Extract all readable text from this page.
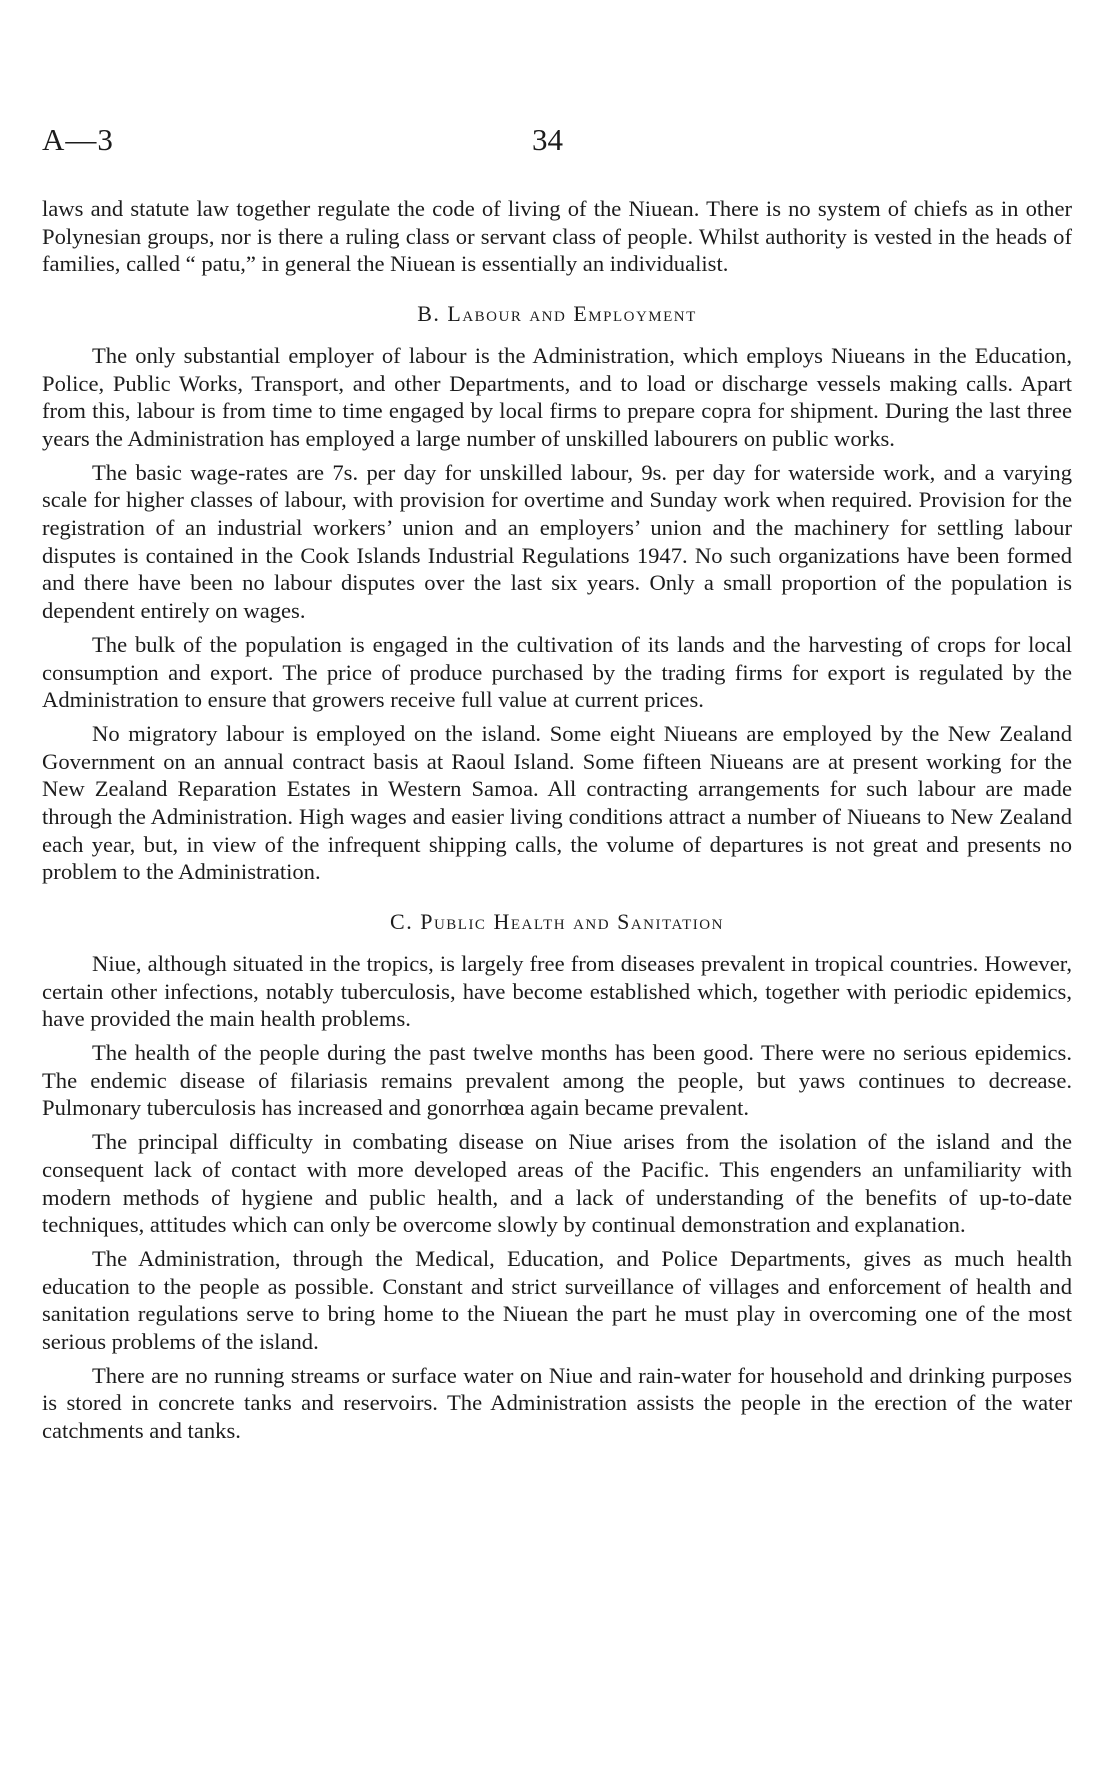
A—3	34

laws and statute law together regulate the code of living of the Niuean. There is no system of chiefs as in other Polynesian groups, nor is there a ruling class or servant class of people. Whilst authority is vested in the heads of families, called “ patu,” in general the Niuean is essentially an individualist.

B. Labour and Employment

The only substantial employer of labour is the Administration, which employs Niueans in the Education, Police, Public Works, Transport, and other Departments, and to load or discharge vessels making calls. Apart from this, labour is from time to time engaged by local firms to prepare copra for shipment. During the last three years the Administration has employed a large number of unskilled labourers on public works.

The basic wage-rates are 7s. per day for unskilled labour, 9s. per day for waterside work, and a varying scale for higher classes of labour, with provision for overtime and Sunday work when required. Provision for the registration of an industrial workers’ union and an employers’ union and the machinery for settling labour disputes is contained in the Cook Islands Industrial Regulations 1947. No such organizations have been formed and there have been no labour disputes over the last six years. Only a small proportion of the population is dependent entirely on wages.

The bulk of the population is engaged in the cultivation of its lands and the harvesting of crops for local consumption and export. The price of produce purchased by the trading firms for export is regulated by the Administration to ensure that growers receive full value at current prices.

No migratory labour is employed on the island. Some eight Niueans are employed by the New Zealand Government on an annual contract basis at Raoul Island. Some fifteen Niueans are at present working for the New Zealand Reparation Estates in Western Samoa. All contracting arrangements for such labour are made through the Administration. High wages and easier living conditions attract a number of Niueans to New Zealand each year, but, in view of the infrequent shipping calls, the volume of departures is not great and presents no problem to the Administration.

C. Public Health and Sanitation

Niue, although situated in the tropics, is largely free from diseases prevalent in tropical countries. However, certain other infections, notably tuberculosis, have become established which, together with periodic epidemics, have provided the main health problems.

The health of the people during the past twelve months has been good. There were no serious epidemics. The endemic disease of filariasis remains prevalent among the people, but yaws continues to decrease. Pulmonary tuberculosis has increased and gonorrhœa again became prevalent.

The principal difficulty in combating disease on Niue arises from the isolation of the island and the consequent lack of contact with more developed areas of the Pacific. This engenders an unfamiliarity with modern methods of hygiene and public health, and a lack of understanding of the benefits of up-to-date techniques, attitudes which can only be overcome slowly by continual demonstration and explanation.

The Administration, through the Medical, Education, and Police Departments, gives as much health education to the people as possible. Constant and strict surveillance of villages and enforcement of health and sanitation regulations serve to bring home to the Niuean the part he must play in overcoming one of the most serious problems of the island.

There are no running streams or surface water on Niue and rain-water for household and drinking purposes is stored in concrete tanks and reservoirs. The Administration assists the people in the erection of the water catchments and tanks.
